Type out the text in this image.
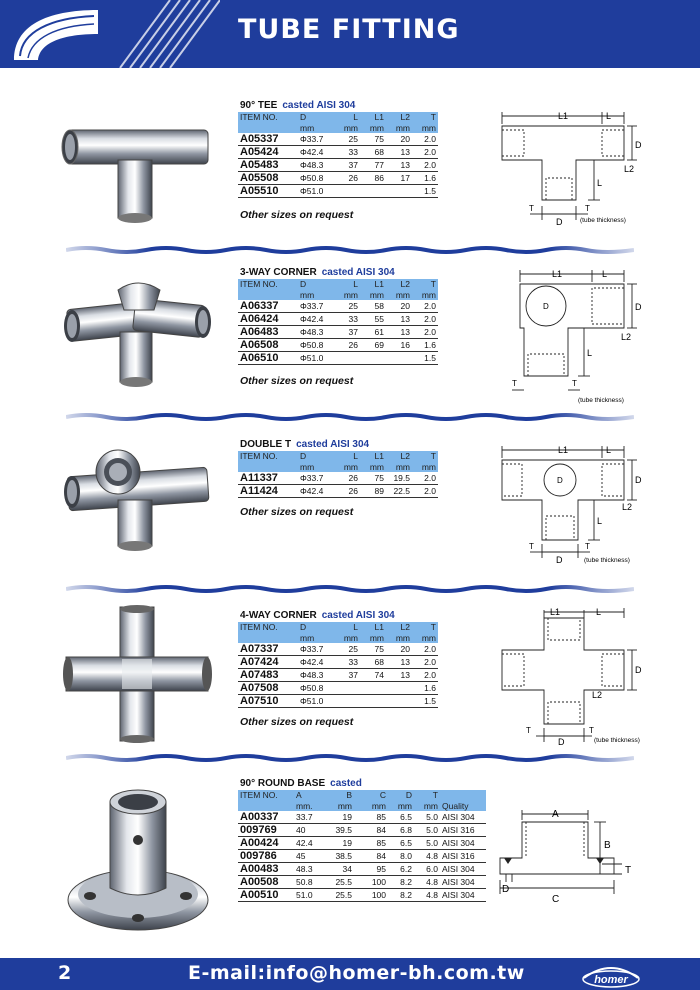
TUBE FITTING
90° TEE casted AISI 304
ITEM NO.	D	L	L1	L2	T
	mm	mm	mm	mm	mm
A05337	Φ33.7	25	75	20	2.0
A05424	Φ42.4	33	68	13	2.0
A05483	Φ48.3	37	77	13	2.0
A05508	Φ50.8	26	86	17	1.6
A05510	Φ51.0				1.5
Other sizes on request
L1	L
D
L2
L
D
T	T
(tube thickness)
3-WAY CORNER casted AISI 304
ITEM NO.	D	L	L1	L2	T
	mm	mm	mm	mm	mm
A06337	Φ33.7	25	58	20	2.0
A06424	Φ42.4	33	55	13	2.0
A06483	Φ48.3	37	61	13	2.0
A06508	Φ50.8	26	69	16	1.6
A06510	Φ51.0				1.5
Other sizes on request
L1	L
D	D
L2
L
T	T
(tube thickness)
DOUBLE T casted AISI 304
ITEM NO.	D	L	L1	L2	T
	mm	mm	mm	mm	mm
A11337	Φ33.7	26	75	19.5	2.0
A11424	Φ42.4	26	89	22.5	2.0
Other sizes on request
L1	L
D	D
L2
L
D
T	T
(tube thickness)
4-WAY CORNER casted AISI 304
ITEM NO.	D	L	L1	L2	T
	mm	mm	mm	mm	mm
A07337	Φ33.7	25	75	20	2.0
A07424	Φ42.4	33	68	13	2.0
A07483	Φ48.3	37	74	13	2.0
A07508	Φ50.8				1.6
A07510	Φ51.0				1.5
Other sizes on request
L1	L
D
L2
T	T
D	(tube thickness)
90° ROUND BASE casted
ITEM NO.	A	B	C	D	T	
	mm.	mm	mm	mm	mm	Quality
A00337	33.7	19	85	6.5	5.0	AISI 304
009769	40	39.5	84	6.8	5.0	AISI 316
A00424	42.4	19	85	6.5	5.0	AISI 304
009786	45	38.5	84	8.0	4.8	AISI 316
A00483	48.3	34	95	6.2	6.0	AISI 304
A00508	50.8	25.5	100	8.2	4.8	AISI 304
A00510	51.0	25.5	100	8.2	4.8	AISI 304
A
B
T
D
C
2	E-mail:info@homer-bh.com.tw	homer
